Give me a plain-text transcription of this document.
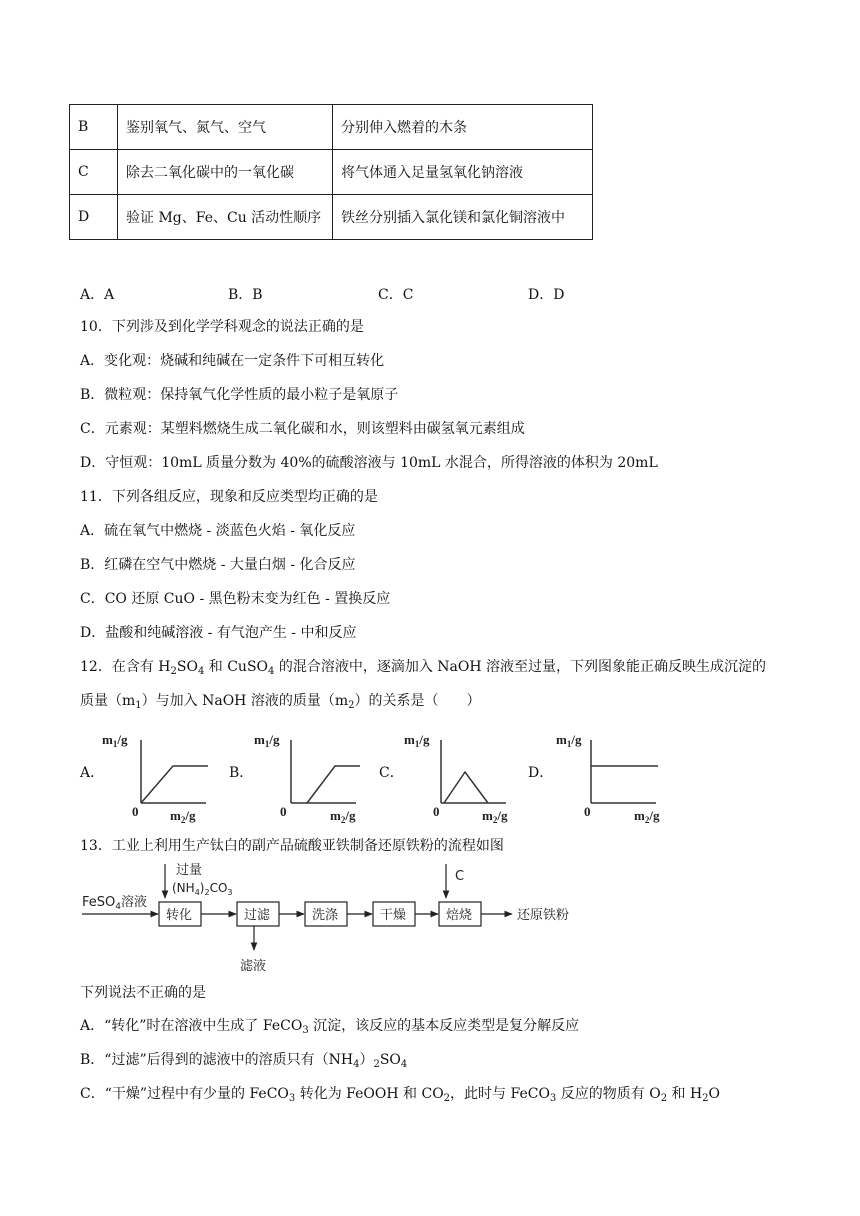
B	鉴别氧气、氮气、空气	分别伸入燃着的木条
C	除去二氧化碳中的一氧化碳	将气体通入足量氢氧化钠溶液
D	验证 Mg、Fe、Cu 活动性顺序	铁丝分别插入氯化镁和氯化铜溶液中
A．A	B．B	C．C	D．D
10．下列涉及到化学学科观念的说法正确的是
A．变化观：烧碱和纯碱在一定条件下可相互转化
B．微粒观：保持氧气化学性质的最小粒子是氧原子
C．元素观：某塑料燃烧生成二氧化碳和水，则该塑料由碳氢氧元素组成
D．守恒观：10mL 质量分数为 40%的硫酸溶液与 10mL 水混合，所得溶液的体积为 20mL
11．下列各组反应，现象和反应类型均正确的是
A．硫在氧气中燃烧 - 淡蓝色火焰 - 氧化反应
B．红磷在空气中燃烧 - 大量白烟 - 化合反应
C．CO 还原 CuO - 黑色粉末变为红色 - 置换反应
D．盐酸和纯碱溶液 - 有气泡产生 - 中和反应
12．在含有 $H_2SO_4$ 和 CuSO$_4$ 的混合溶液中，逐滴加入 NaOH 溶液至过量，下列图象能正确反映生成沉淀的
质量$(m_1)$与加入 NaOH 溶液的质量$(m_2)$的关系是（　　）
A．	B．	C．	D．
$m_1/g$
0 $m_2/g$
$m_1/g$
0	$m_2/g$
$m_1/g$
0	$m_2/g$
$m_1/g$
0	$m_2/g$
13．工业上利用生产钛白的副产品硫酸亚铁制备还原铁粉的流程如图
FeSO$_4$溶液
过量
$(NH_4)_2CO_3$
转化	过滤	洗涤	干燥	焙烧	还原铁粉
C
滤液
下列说法不正确的是
A．“转化”时在溶液中生成了 FeCO$_3$ 沉淀，该反应的基本反应类型是复分解反应
B．“过滤”后得到的滤液中的溶质只有$(NH_4)_2SO_4$
C．“干燥”过程中有少量的 FeCO$_3$ 转化为 FeOOH 和 $CO_2$，此时与 FeCO$_3$ 反应的物质有 $O_2$ 和 $H_2O$
